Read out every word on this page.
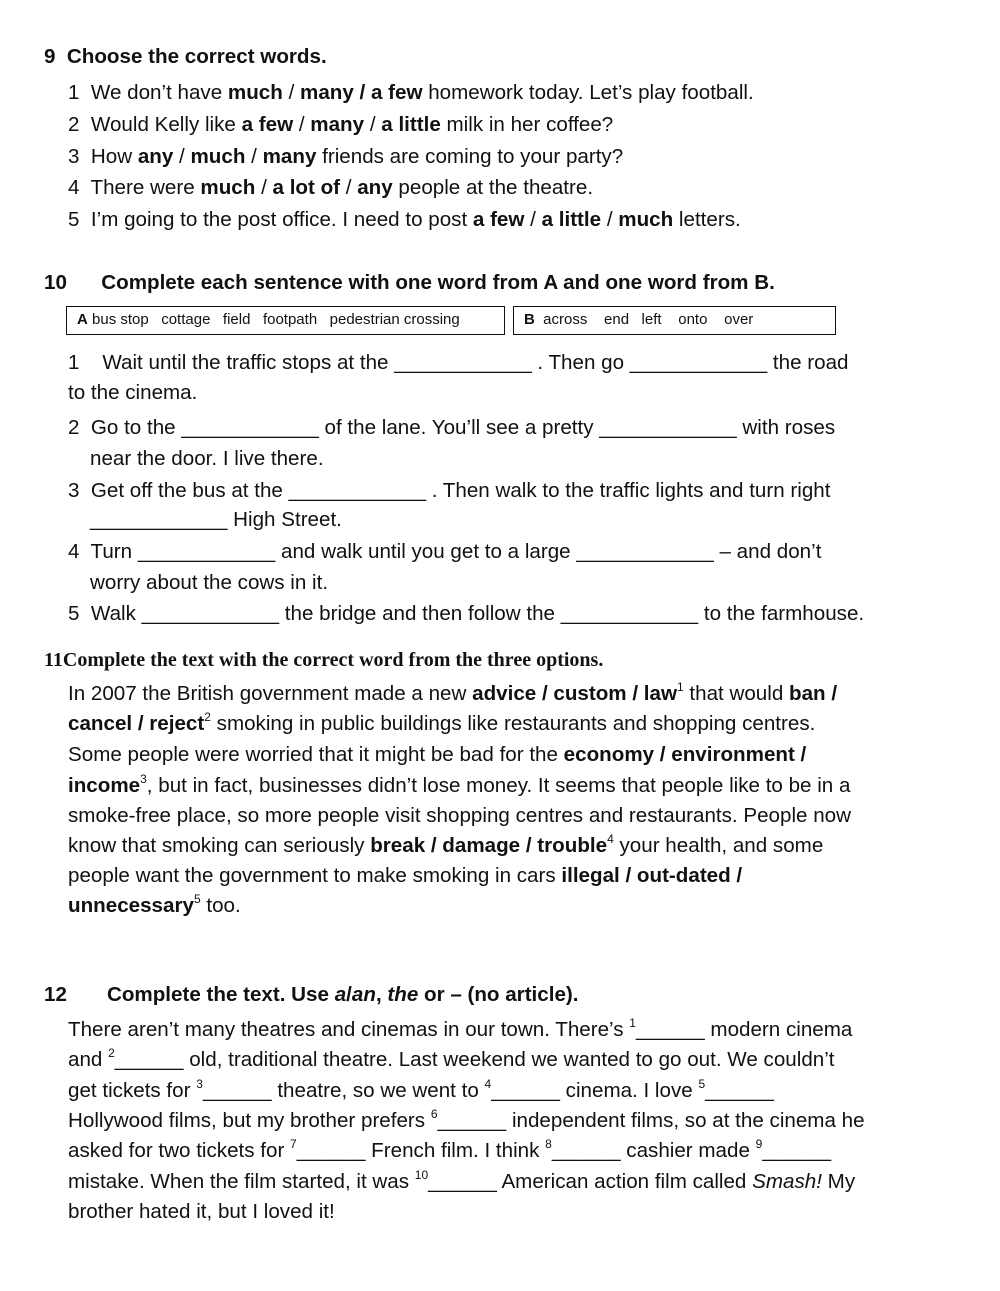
9  Choose the correct words.
1  We don’t have much / many / a few homework today. Let’s play football.
2  Would Kelly like a few / many / a little milk in her coffee?
3  How any / much / many friends are coming to your party?
4  There were much / a lot of / any people at the theatre.
5  I’m going to the post office. I need to post a few / a little / much letters.
10      Complete each sentence with one word from A and one word from B.
1    Wait until the traffic stops at the ____________ . Then go ____________ the road
to the cinema.
2  Go to the ____________ of the lane. You’ll see a pretty ____________ with roses
near the door. I live there.
3  Get off the bus at the ____________ . Then walk to the traffic lights and turn right
____________ High Street.
4  Turn ____________ and walk until you get to a large ____________ – and don’t
worry about the cows in it.
5  Walk ____________ the bridge and then follow the ____________ to the farmhouse.
A bus stop   cottage   field   footpath   pedestrian crossing	B  across    end   left    onto    over
11Complete the text with the correct word from the three options.
In 2007 the British government made a new advice / custom / law$^1$ that would ban /
cancel / reject$^2$ smoking in public buildings like restaurants and shopping centres.
Some people were worried that it might be bad for the economy / environment /
income$^3$, but in fact, businesses didn’t lose money. It seems that people like to be in a
smoke-free place, so more people visit shopping centres and restaurants. People now
know that smoking can seriously break / damage / trouble$^4$ your health, and some
people want the government to make smoking in cars illegal / out-dated /
unnecessary$^5$ too.
12       Complete the text. Use a/an, the or – (no article).
There aren’t many theatres and cinemas in our town. There’s $^1$______ modern cinema
and $^2$______ old, traditional theatre. Last weekend we wanted to go out. We couldn’t
get tickets for $^3$______ theatre, so we went to $^4$______ cinema. I love $^5$______
Hollywood films, but my brother prefers $^6$______ independent films, so at the cinema he
asked for two tickets for $^7$______ French film. I think $^8$______ cashier made $^9$______
mistake. When the film started, it was $^{10}$______ American action film called Smash! My
brother hated it, but I loved it!
